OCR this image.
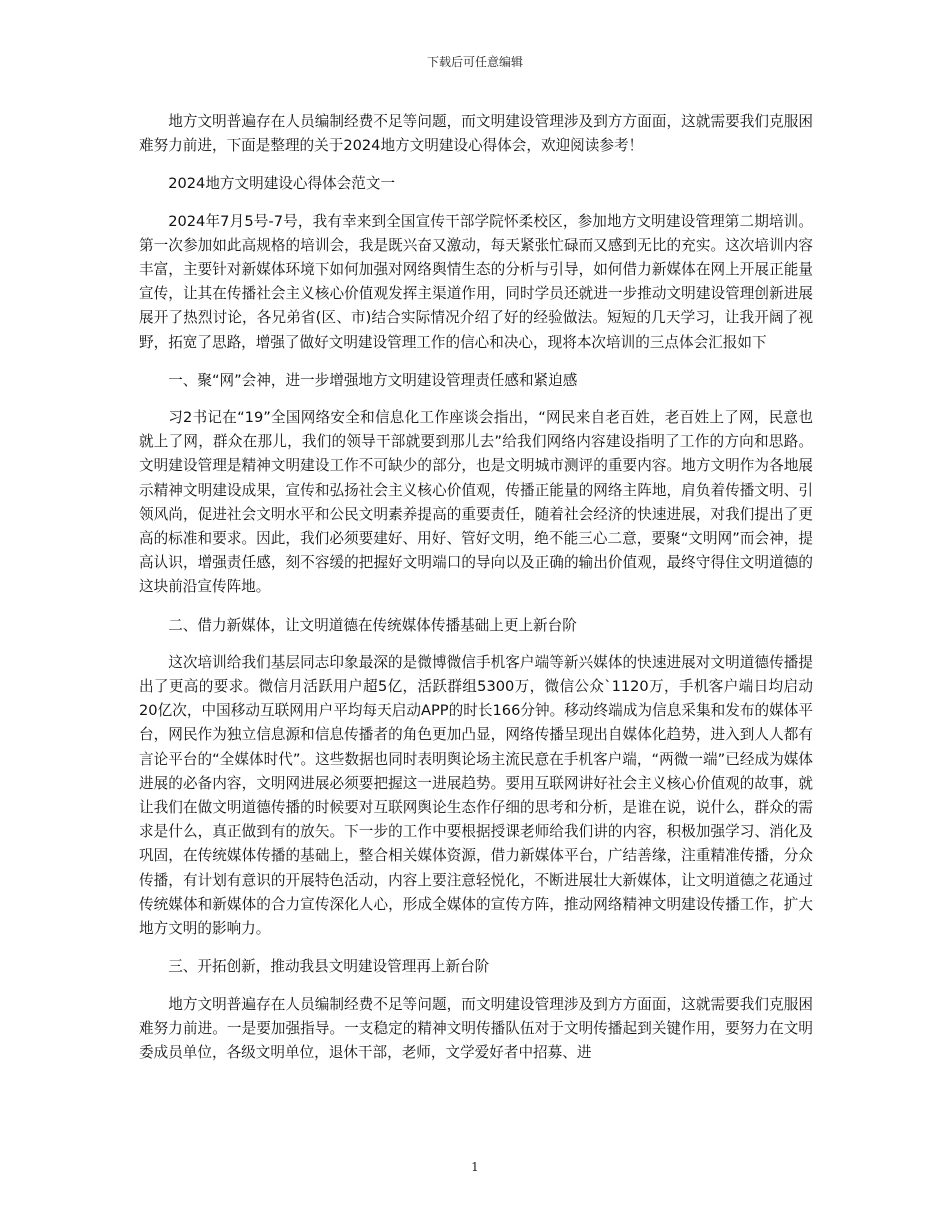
下载后可任意编辑

地方文明普遍存在人员编制经费不足等问题，而文明建设管理涉及到方方面面，这就需要我们克服困难努力前进，下面是整理的关于2024地方文明建设心得体会，欢迎阅读参考！

2024地方文明建设心得体会范文一

2024年7月5号-7号，我有幸来到全国宣传干部学院怀柔校区，参加地方文明建设管理第二期培训。第一次参加如此高规格的培训会，我是既兴奋又激动，每天紧张忙碌而又感到无比的充实。这次培训内容丰富，主要针对新媒体环境下如何加强对网络舆情生态的分析与引导，如何借力新媒体在网上开展正能量宣传，让其在传播社会主义核心价值观发挥主渠道作用，同时学员还就进一步推动文明建设管理创新进展展开了热烈讨论，各兄弟省(区、市)结合实际情况介绍了好的经验做法。短短的几天学习，让我开阔了视野，拓宽了思路，增强了做好文明建设管理工作的信心和决心，现将本次培训的三点体会汇报如下

一、聚“网”会神，进一步增强地方文明建设管理责任感和紧迫感

习2书记在“19”全国网络安全和信息化工作座谈会指出，“网民来自老百姓，老百姓上了网，民意也就上了网，群众在那儿，我们的领导干部就要到那儿去”给我们网络内容建设指明了工作的方向和思路。文明建设管理是精神文明建设工作不可缺少的部分，也是文明城市测评的重要内容。地方文明作为各地展示精神文明建设成果，宣传和弘扬社会主义核心价值观，传播正能量的网络主阵地，肩负着传播文明、引领风尚，促进社会文明水平和公民文明素养提高的重要责任，随着社会经济的快速进展，对我们提出了更高的标准和要求。因此，我们必须要建好、用好、管好文明，绝不能三心二意，要聚“文明网”而会神，提高认识，增强责任感，刻不容缓的把握好文明端口的导向以及正确的输出价值观，最终守得住文明道德的这块前沿宣传阵地。

二、借力新媒体，让文明道德在传统媒体传播基础上更上新台阶

这次培训给我们基层同志印象最深的是微博微信手机客户端等新兴媒体的快速进展对文明道德传播提出了更高的要求。微信月活跃用户超5亿，活跃群组5300万，微信公众`1120万，手机客户端日均启动20亿次，中国移动互联网用户平均每天启动APP的时长166分钟。移动终端成为信息采集和发布的媒体平台，网民作为独立信息源和信息传播者的角色更加凸显，网络传播呈现出自媒体化趋势，进入到人人都有言论平台的“全媒体时代”。这些数据也同时表明舆论场主流民意在手机客户端，“两微一端”已经成为媒体进展的必备内容，文明网进展必须要把握这一进展趋势。要用互联网讲好社会主义核心价值观的故事，就让我们在做文明道德传播的时候要对互联网舆论生态作仔细的思考和分析，是谁在说，说什么，群众的需求是什么，真正做到有的放矢。下一步的工作中要根据授课老师给我们讲的内容，积极加强学习、消化及巩固，在传统媒体传播的基础上，整合相关媒体资源，借力新媒体平台，广结善缘，注重精准传播，分众传播，有计划有意识的开展特色活动，内容上要注意轻悦化，不断进展壮大新媒体，让文明道德之花通过传统媒体和新媒体的合力宣传深化人心，形成全媒体的宣传方阵，推动网络精神文明建设传播工作，扩大地方文明的影响力。

三、开拓创新，推动我县文明建设管理再上新台阶

地方文明普遍存在人员编制经费不足等问题，而文明建设管理涉及到方方面面，这就需要我们克服困难努力前进。一是要加强指导。一支稳定的精神文明传播队伍对于文明传播起到关键作用，要努力在文明委成员单位，各级文明单位，退休干部，老师，文学爱好者中招募、进

1
